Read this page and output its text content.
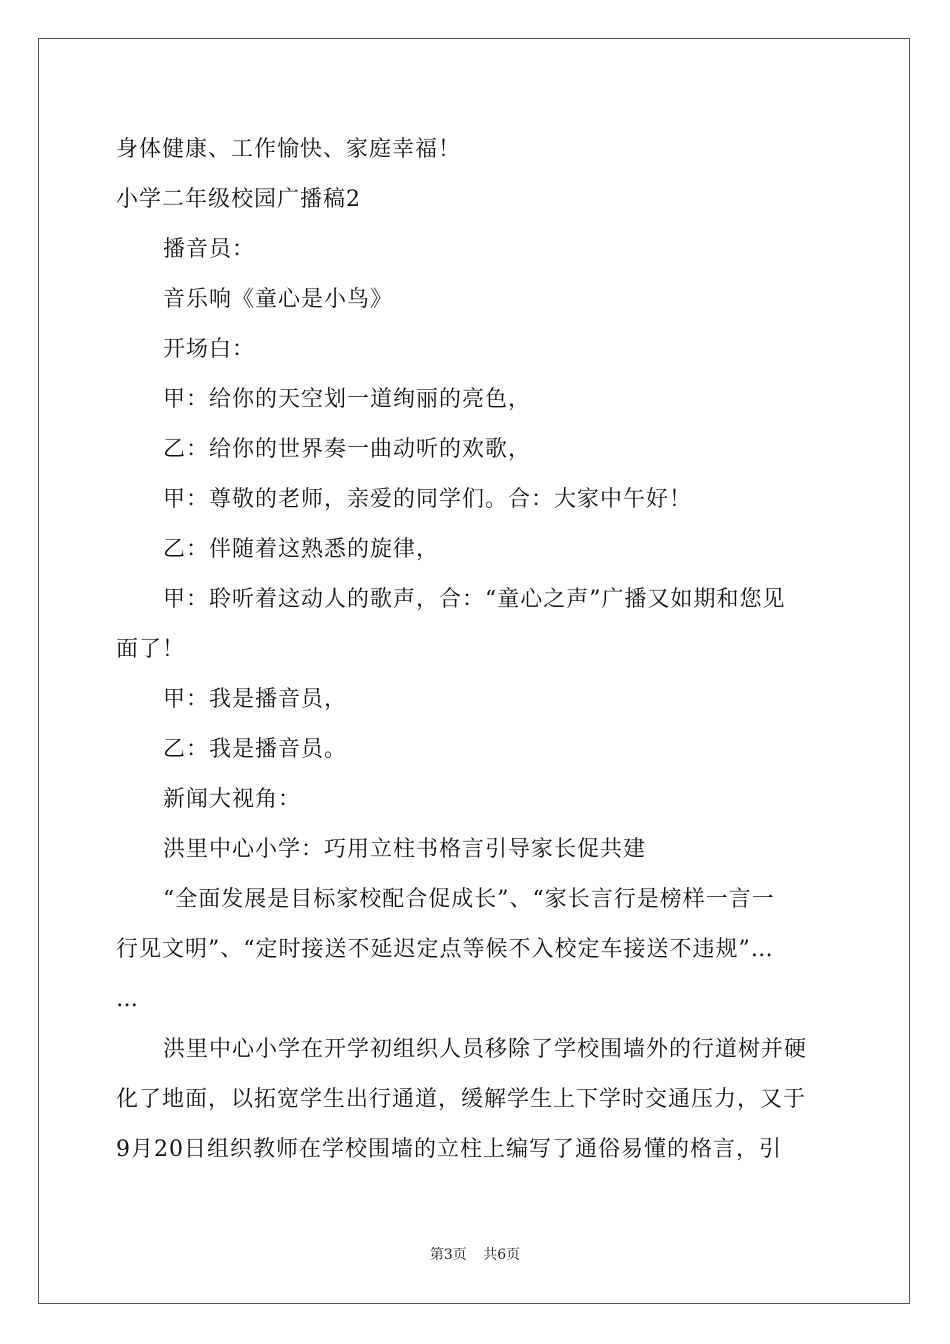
身体健康、工作愉快、家庭幸福！
小学二年级校园广播稿2
播音员：
音乐响《童心是小鸟》
开场白：
甲：给你的天空划一道绚丽的亮色，
乙：给你的世界奏一曲动听的欢歌，
甲：尊敬的老师，亲爱的同学们。合：大家中午好！
乙：伴随着这熟悉的旋律，
甲：聆听着这动人的歌声，合：“童心之声”广播又如期和您见
面了！
甲：我是播音员，
乙：我是播音员。
新闻大视角：
洪里中心小学：巧用立柱书格言引导家长促共建
“全面发展是目标家校配合促成长”、“家长言行是榜样一言一
行见文明”、“定时接送不延迟定点等候不入校定车接送不违规”…
…
洪里中心小学在开学初组织人员移除了学校围墙外的行道树并硬
化了地面，以拓宽学生出行通道，缓解学生上下学时交通压力，又于
9月20日组织教师在学校围墙的立柱上编写了通俗易懂的格言，引
第3页 共6页
